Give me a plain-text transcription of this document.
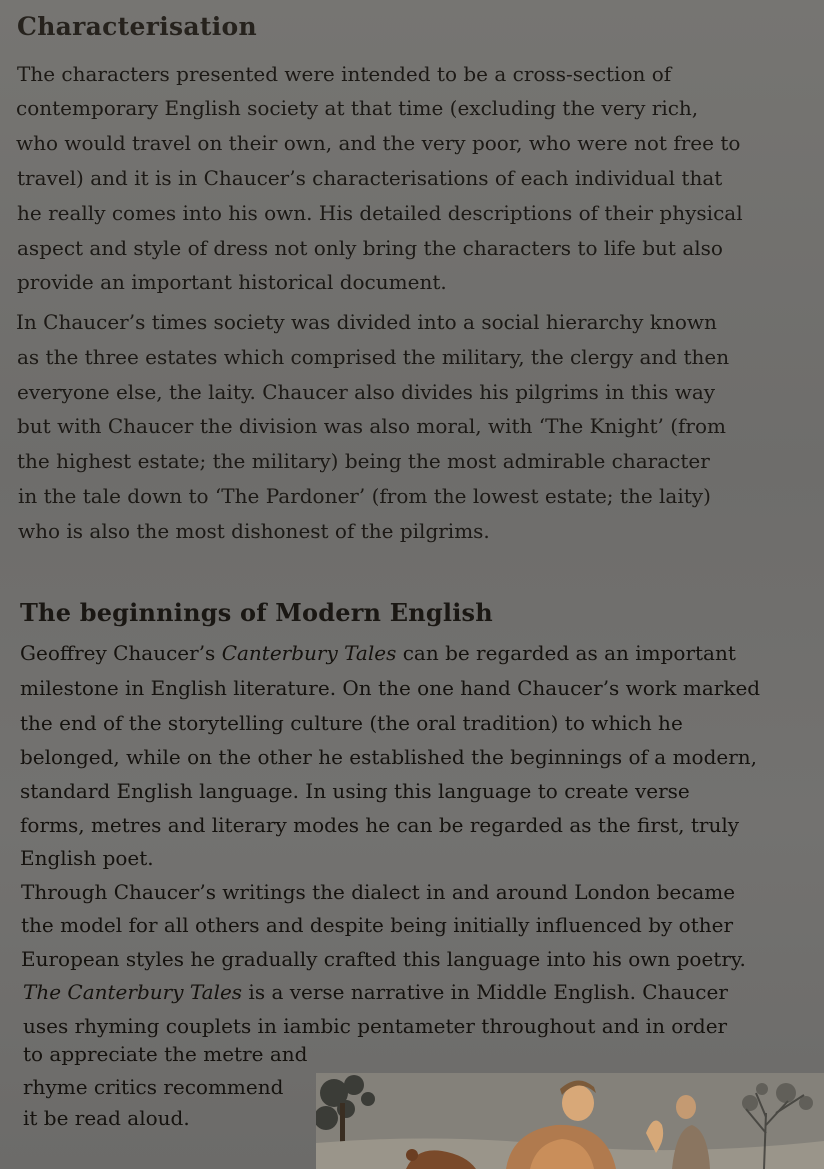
Characterisation

The characters presented were intended to be a cross-section of

contemporary English society at that time (excluding the very rich,

who would travel on their own, and the very poor, who were not free to

travel) and it is in Chaucer’s characterisations of each individual that

he really comes into his own. His detailed descriptions of their physical

aspect and style of dress not only bring the characters to life but also

provide an important historical document.

In Chaucer’s times society was divided into a social hierarchy known

as the three estates which comprised the military, the clergy and then

everyone else, the laity. Chaucer also divides his pilgrims in this way

but with Chaucer the division was also moral, with ‘The Knight’ (from

the highest estate; the military) being the most admirable character

in the tale down to ‘The Pardoner’ (from the lowest estate; the laity)

who is also the most dishonest of the pilgrims.

The beginnings of Modern English

Geoffrey Chaucer’s Canterbury Tales can be regarded as an important

milestone in English literature. On the one hand Chaucer’s work marked

the end of the storytelling culture (the oral tradition) to which he

belonged, while on the other he established the beginnings of a modern,

standard English language. In using this language to create verse

forms, metres and literary modes he can be regarded as the first, truly

English poet.

Through Chaucer’s writings the dialect in and around London became

the model for all others and despite being initially influenced by other

European styles he gradually crafted this language into his own poetry.

The Canterbury Tales is a verse narrative in Middle English. Chaucer

uses rhyming couplets in iambic pentameter throughout and in order

to appreciate the metre and

rhyme critics recommend

it be read aloud.
